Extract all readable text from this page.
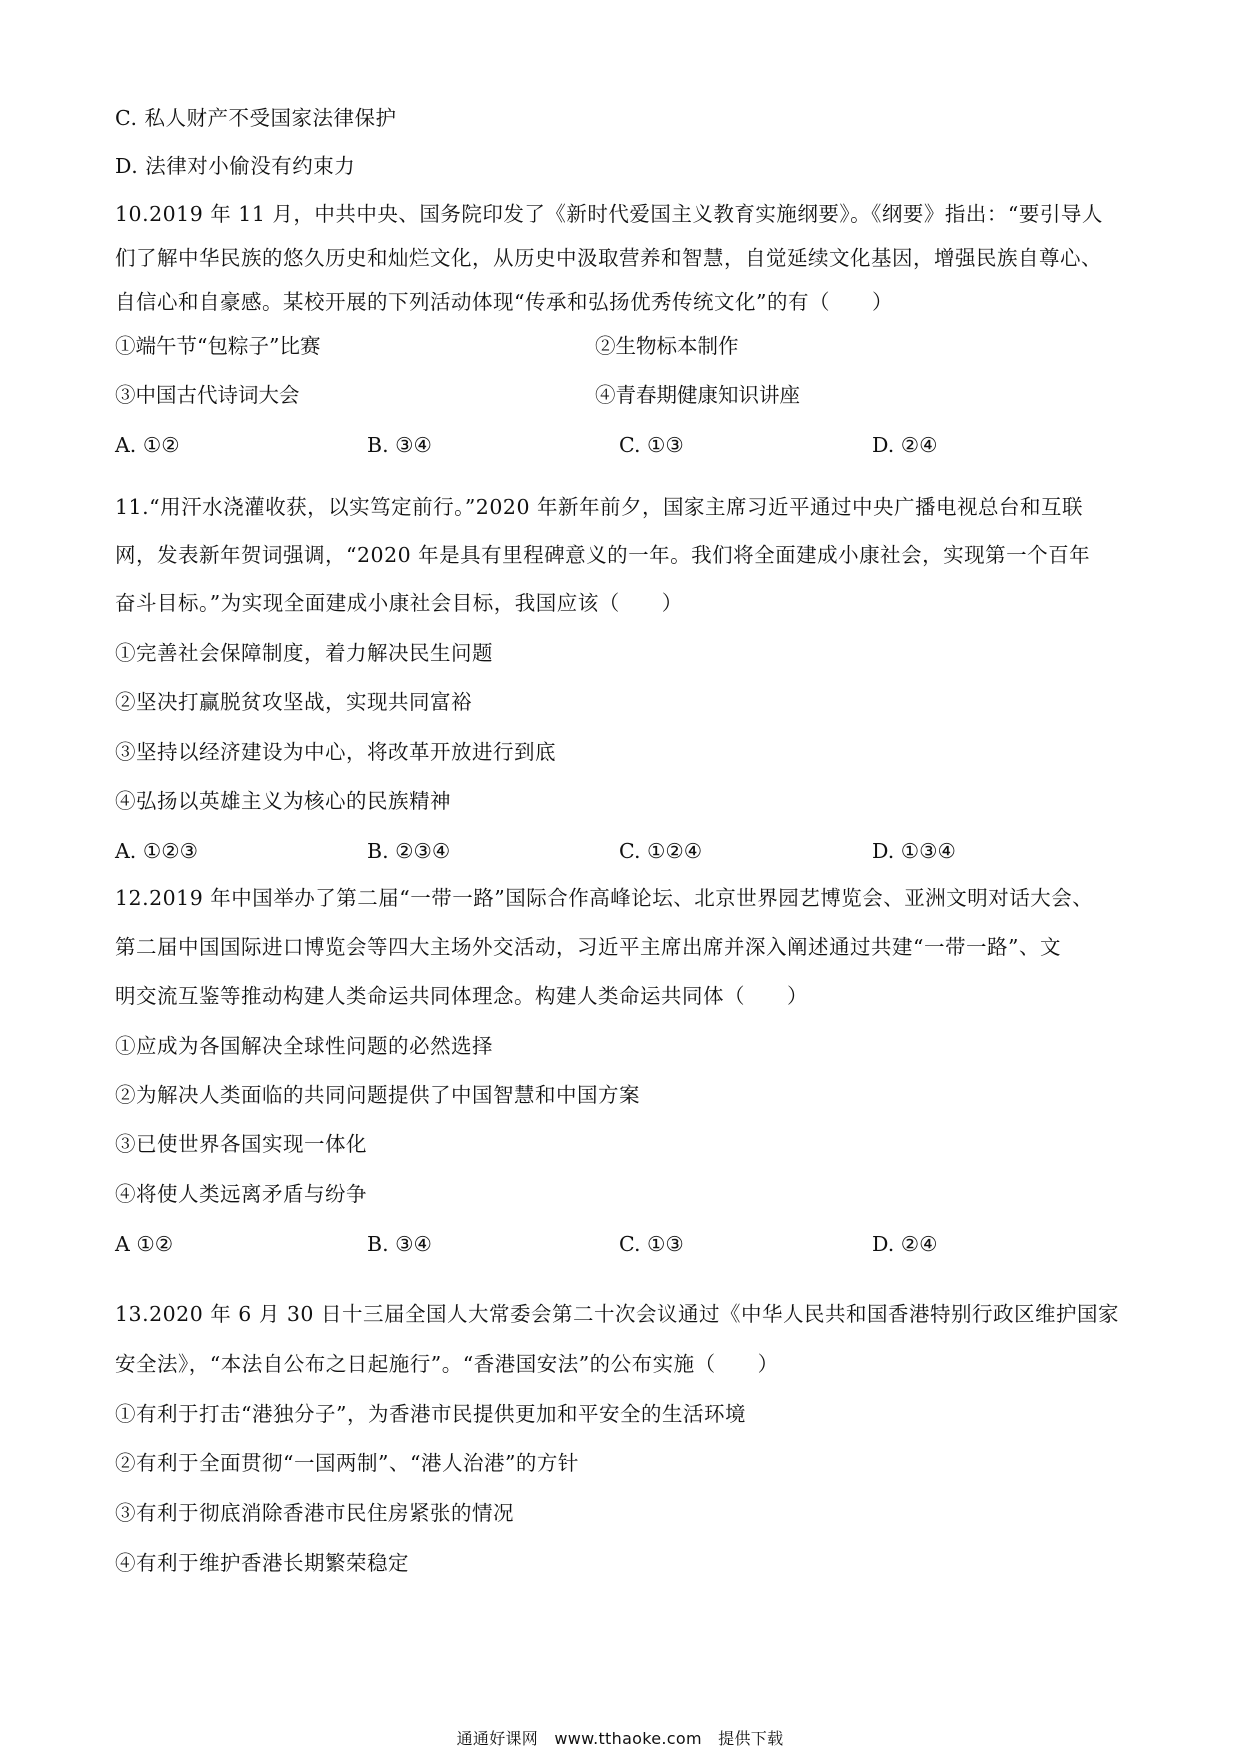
C. 私人财产不受国家法律保护
D. 法律对小偷没有约束力
10.2019 年 11 月，中共中央、国务院印发了《新时代爱国主义教育实施纲要》。《纲要》指出：“要引导人
们了解中华民族的悠久历史和灿烂文化，从历史中汲取营养和智慧，自觉延续文化基因，增强民族自尊心、
自信心和自豪感。某校开展的下列活动体现“传承和弘扬优秀传统文化”的有（　　）
①端午节“包粽子”比赛	②生物标本制作
③中国古代诗词大会	④青春期健康知识讲座
A. ①②	B. ③④	C. ①③	D. ②④
11.“用汗水浇灌收获，以实笃定前行。”2020 年新年前夕，国家主席习近平通过中央广播电视总台和互联
网，发表新年贺词强调，“2020 年是具有里程碑意义的一年。我们将全面建成小康社会，实现第一个百年
奋斗目标。”为实现全面建成小康社会目标，我国应该（　　）
①完善社会保障制度，着力解决民生问题
②坚决打赢脱贫攻坚战，实现共同富裕
③坚持以经济建设为中心，将改革开放进行到底
④弘扬以英雄主义为核心的民族精神
A. ①②③	B. ②③④	C. ①②④	D. ①③④
12.2019 年中国举办了第二届“一带一路”国际合作高峰论坛、北京世界园艺博览会、亚洲文明对话大会、
第二届中国国际进口博览会等四大主场外交活动，习近平主席出席并深入阐述通过共建“一带一路”、文
明交流互鉴等推动构建人类命运共同体理念。构建人类命运共同体（　　）
①应成为各国解决全球性问题的必然选择
②为解决人类面临的共同问题提供了中国智慧和中国方案
③已使世界各国实现一体化
④将使人类远离矛盾与纷争
A ①②	B. ③④	C. ①③	D. ②④
13.2020 年 6 月 30 日十三届全国人大常委会第二十次会议通过《中华人民共和国香港特别行政区维护国家
安全法》，“本法自公布之日起施行”。“香港国安法”的公布实施（　　）
①有利于打击“港独分子”，为香港市民提供更加和平安全的生活环境
②有利于全面贯彻“一国两制”、“港人治港”的方针
③有利于彻底消除香港市民住房紧张的情况
④有利于维护香港长期繁荣稳定
通通好课网　www.tthaoke.com　提供下载
